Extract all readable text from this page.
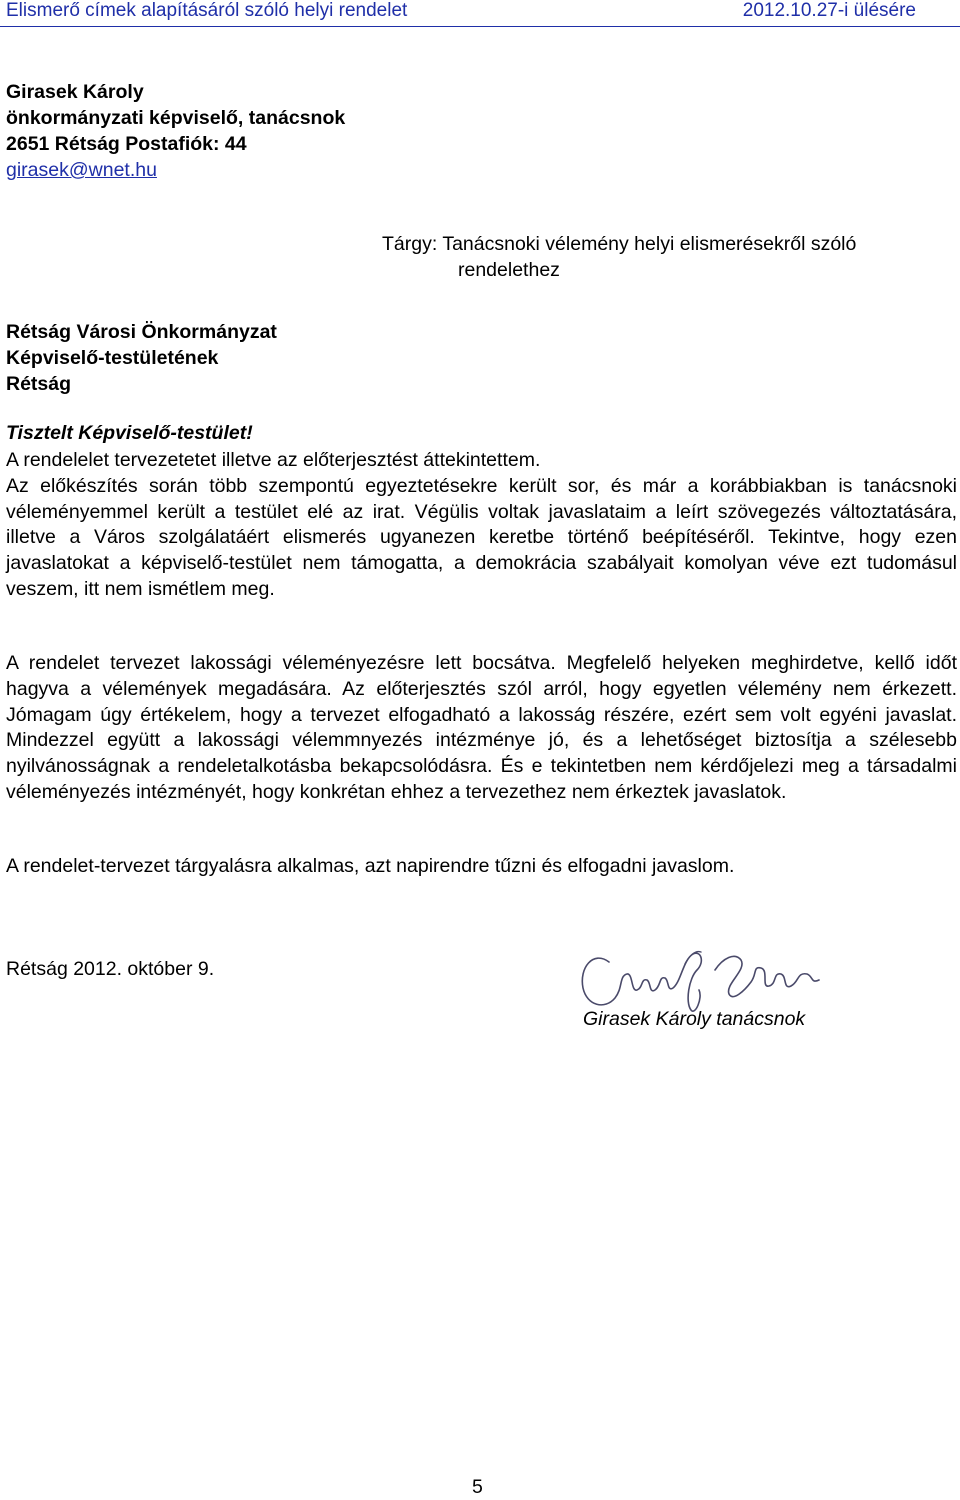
Elismerő címek alapításáról szóló helyi rendelet	2012.10.27-i ülésére
Girasek Károly
önkormányzati képviselő, tanácsnok
2651 Rétság Postafiók: 44
girasek@wnet.hu
Tárgy: Tanácsnoki vélemény helyi elismerésekről szóló
rendelethez
Rétság Városi Önkormányzat
Képviselő-testületének
Rétság
Tisztelt Képviselő-testület!

A rendelelet tervezetetet illetve az előterjesztést áttekintettem.

Az előkészítés során több szempontú egyeztetésekre került sor, és már a korábbiakban is tanácsnoki véleményemmel került a testület elé az irat. Végülis voltak javaslataim a leírt szövegezés változtatására, illetve a Város szolgálatáért elismerés ugyanezen keretbe történő beépítéséről. Tekintve, hogy ezen javaslatokat a képviselő-testület nem támogatta, a demokrácia szabályait komolyan véve ezt tudomásul veszem, itt nem ismétlem meg.

A rendelet tervezet lakossági véleményezésre lett bocsátva. Megfelelő helyeken meghirdetve, kellő időt hagyva a vélemények megadására. Az előterjesztés szól arról, hogy egyetlen vélemény nem érkezett. Jómagam úgy értékelem, hogy a tervezet elfogadható a lakosság részére, ezért sem volt egyéni javaslat. Mindezzel együtt a lakossági vélemmnyezés intézménye jó, és a lehetőséget biztosítja a szélesebb nyilvánosságnak a rendeletalkotásba bekapcsolódásra. És e tekintetben nem kérdőjelezi meg a társadalmi véleményezés intézményét, hogy konkrétan ehhez a tervezethez nem érkeztek javaslatok.

A rendelet-tervezet tárgyalásra alkalmas, azt napirendre tűzni és elfogadni javaslom.

Rétság 2012. október 9.
Girasek Károly tanácsnok
5
